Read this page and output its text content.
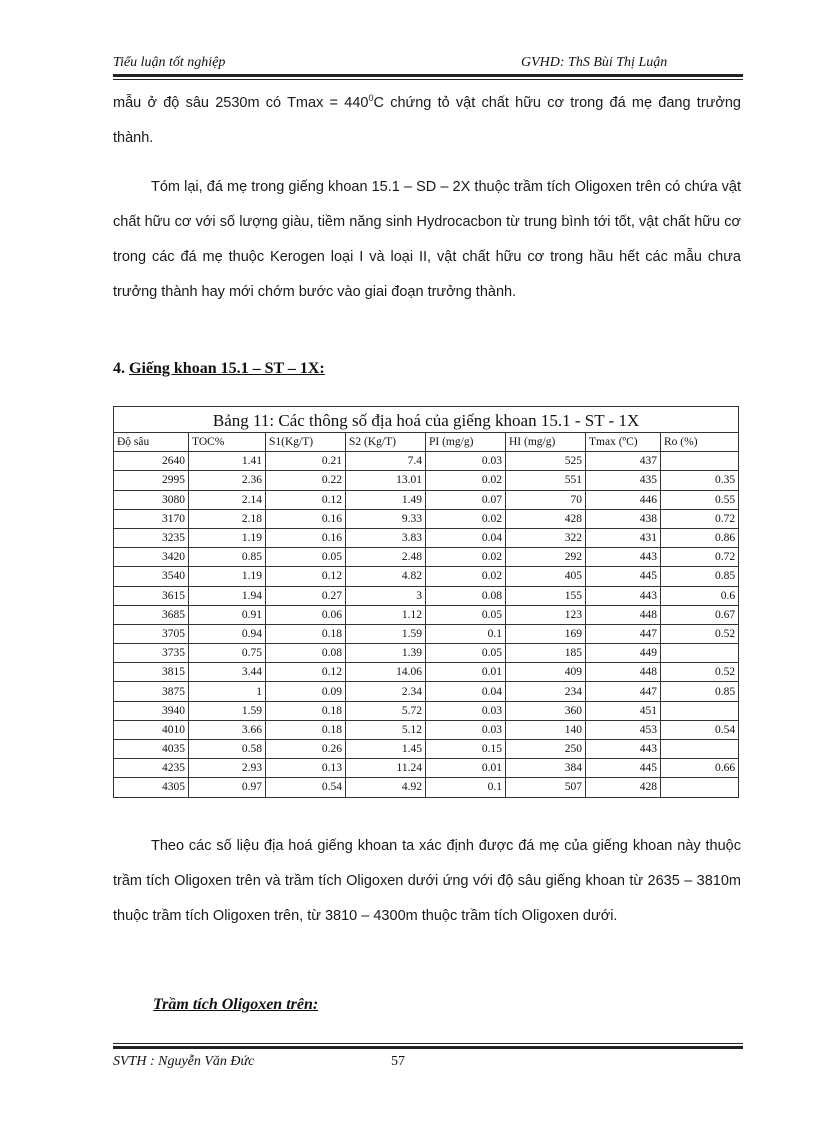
Tiểu luận tốt nghiệp	GVHD: ThS Bùi Thị Luận
mẫu ở độ sâu 2530m có $Tmax = 440^0C$ chứng tỏ vật chất hữu cơ trong đá mẹ đang trưởng thành.
Tóm lại, đá mẹ trong giếng khoan 15.1 – SD – 2X thuộc trầm tích Oligoxen trên có chứa vật chất hữu cơ với số lượng giàu, tiềm năng sinh Hydrocacbon từ trung bình tới tốt, vật chất hữu cơ trong các đá mẹ thuộc Kerogen loại I và loại II, vật chất hữu cơ trong hầu hết các mẫu chưa trưởng thành hay mới chớm bước vào giai đoạn trưởng thành.
4. Giếng khoan 15.1 – ST – 1X:
Bảng 11: Các thông số địa hoá của giếng khoan 15.1 - ST - 1X							
Độ sâu	TOC%	S1(Kg/T)	S2 (Kg/T)	PI (mg/g)	HI (mg/g)	Tmax (ºC)	Ro (%)
2640	1.41	0.21	7.4	0.03	525	437	
2995	2.36	0.22	13.01	0.02	551	435	0.35
3080	2.14	0.12	1.49	0.07	70	446	0.55
3170	2.18	0.16	9.33	0.02	428	438	0.72
3235	1.19	0.16	3.83	0.04	322	431	0.86
3420	0.85	0.05	2.48	0.02	292	443	0.72
3540	1.19	0.12	4.82	0.02	405	445	0.85
3615	1.94	0.27	3	0.08	155	443	0.6
3685	0.91	0.06	1.12	0.05	123	448	0.67
3705	0.94	0.18	1.59	0.1	169	447	0.52
3735	0.75	0.08	1.39	0.05	185	449	
3815	3.44	0.12	14.06	0.01	409	448	0.52
3875	1	0.09	2.34	0.04	234	447	0.85
3940	1.59	0.18	5.72	0.03	360	451	
4010	3.66	0.18	5.12	0.03	140	453	0.54
4035	0.58	0.26	1.45	0.15	250	443	
4235	2.93	0.13	11.24	0.01	384	445	0.66
4305	0.97	0.54	4.92	0.1	507	428	
Theo các số liệu địa hoá giếng khoan ta xác định được đá mẹ của giếng khoan này thuộc trầm tích Oligoxen trên và trầm tích Oligoxen dưới ứng với độ sâu giếng khoan từ 2635 – 3810m thuộc trầm tích Oligoxen trên, từ 3810 – 4300m thuộc trầm tích Oligoxen dưới.
Trầm tích Oligoxen trên:
SVTH : Nguyễn Văn Đức	57
